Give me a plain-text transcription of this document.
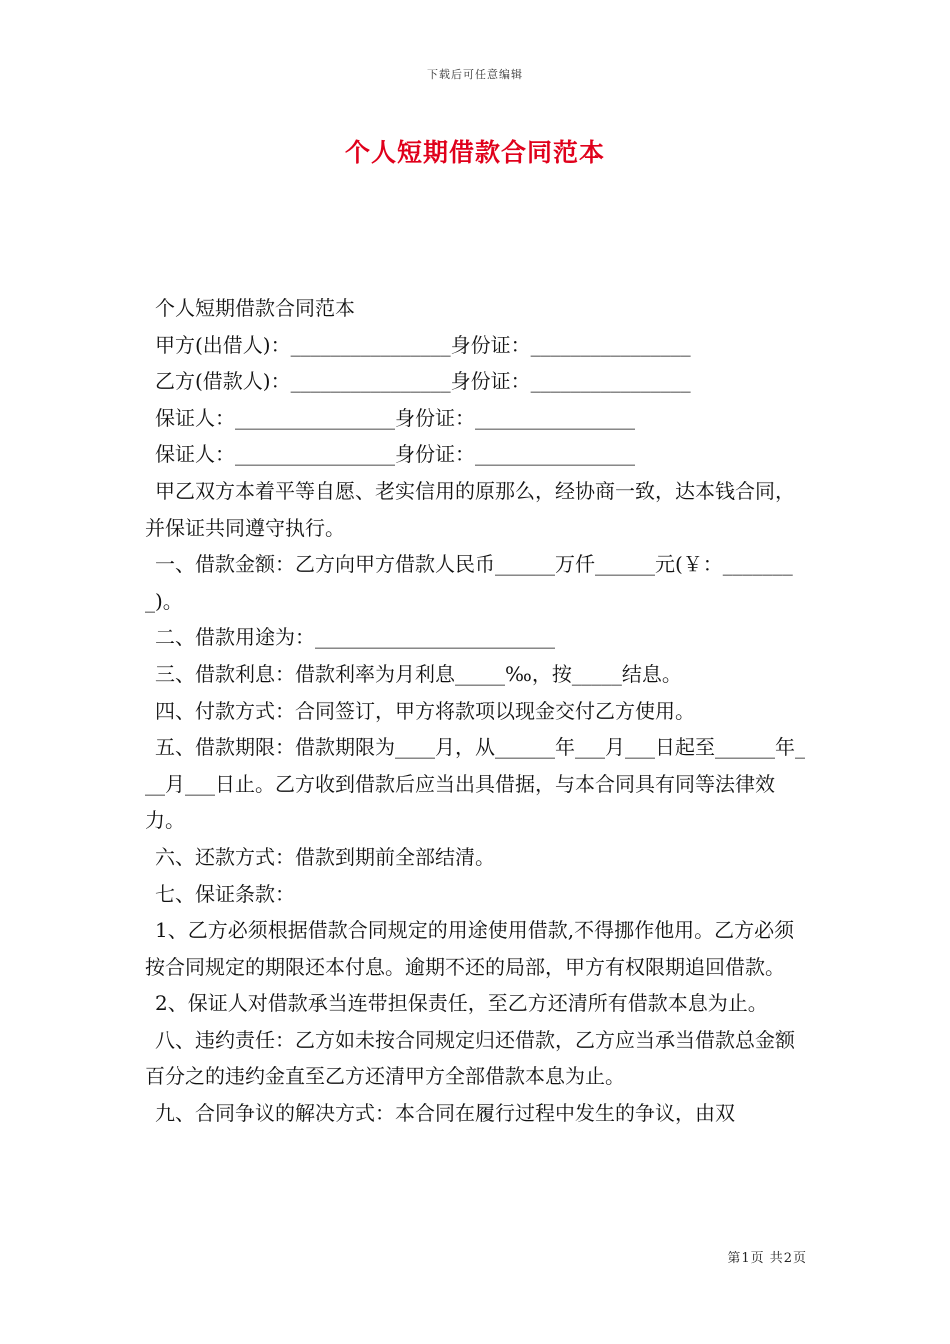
下载后可任意编辑
个人短期借款合同范本

个人短期借款合同范本

甲方(出借人)：________________身份证：________________

乙方(借款人)：________________身份证：________________

保证人：________________身份证：________________

保证人：________________身份证：________________

甲乙双方本着平等自愿、老实信用的原那么，经协商一致，达本钱合同，并保证共同遵守执行。

一、借款金额：乙方向甲方借款人民币______万仟______元(￥：________)。

二、借款用途为：________________________

三、借款利息：借款利率为月利息_____‰，按_____结息。

四、付款方式：合同签订，甲方将款项以现金交付乙方使用。

五、借款期限：借款期限为____月，从______年___月___日起至______年___月___日止。乙方收到借款后应当出具借据，与本合同具有同等法律效力。

六、还款方式：借款到期前全部结清。

七、保证条款：

1、乙方必须根据借款合同规定的用途使用借款,不得挪作他用。乙方必须按合同规定的期限还本付息。逾期不还的局部，甲方有权限期追回借款。

2、保证人对借款承当连带担保责任，至乙方还清所有借款本息为止。

八、违约责任：乙方如未按合同规定归还借款，乙方应当承当借款总金额百分之的违约金直至乙方还清甲方全部借款本息为止。

九、合同争议的解决方式：本合同在履行过程中发生的争议，由双

第1页 共2页
